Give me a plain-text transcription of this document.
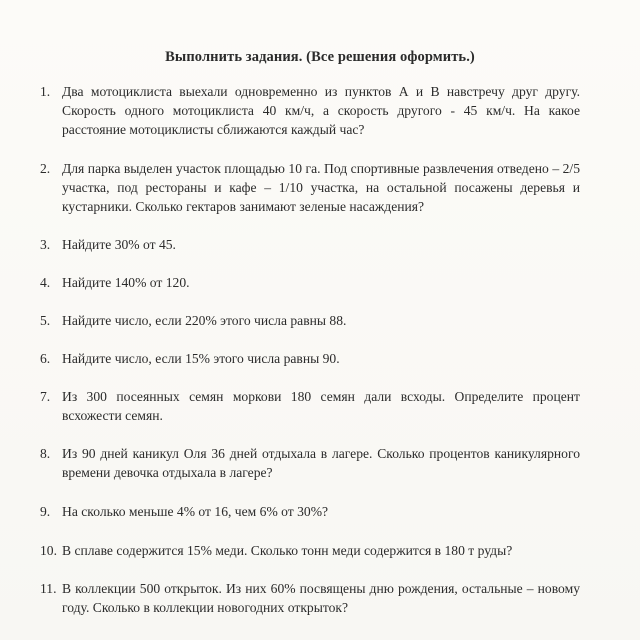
Выполнить задания. (Все решения оформить.)
1. Два мотоциклиста выехали одновременно из пунктов А и В навстречу друг другу. Скорость одного мотоциклиста 40 км/ч, а скорость другого - 45 км/ч. На какое расстояние мотоциклисты сближаются каждый час?
2. Для парка выделен участок площадью 10 га. Под спортивные развлечения отведено – 2/5 участка, под рестораны и кафе – 1/10 участка, на остальной посажены деревья и кустарники. Сколько гектаров занимают зеленые насаждения?
3. Найдите 30% от 45.
4. Найдите 140% от 120.
5. Найдите число, если 220% этого числа равны 88.
6. Найдите число, если 15% этого числа равны 90.
7. Из 300 посеянных семян моркови 180 семян дали всходы. Определите процент всхожести семян.
8. Из 90 дней каникул Оля 36 дней отдыхала в лагере. Сколько процентов каникулярного времени девочка отдыхала в лагере?
9. На сколько меньше 4% от 16, чем 6% от 30%?
10. В сплаве содержится 15% меди. Сколько тонн меди содержится в 180 т руды?
11. В коллекции 500 открыток. Из них 60% посвящены дню рождения, остальные – новому году. Сколько в коллекции новогодних открыток?
